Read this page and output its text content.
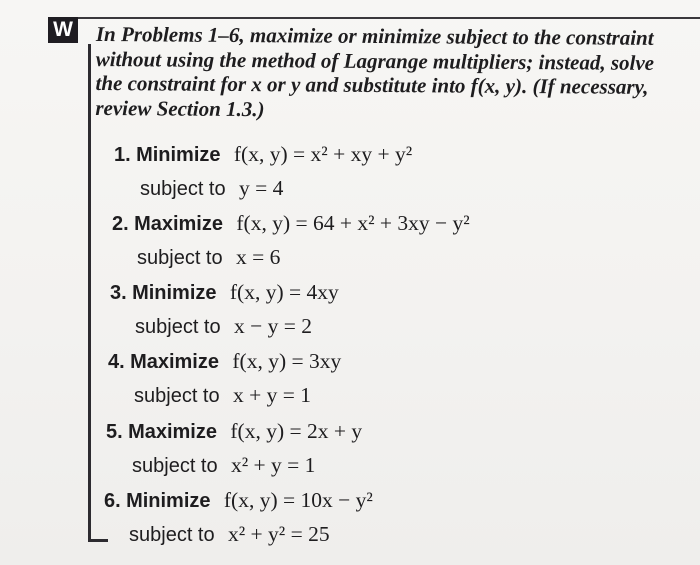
W In Problems 1–6, maximize or minimize subject to the constraint
without using the method of Lagrange multipliers; instead, solve
the constraint for x or y and substitute into f(x, y). (If necessary,
review Section 1.3.)
1. Minimize f(x, y) = x² + xy + y²
subject to y = 4
2. Maximize f(x, y) = 64 + x² + 3xy − y²
subject to x = 6
3. Minimize f(x, y) = 4xy
subject to x − y = 2
4. Maximize f(x, y) = 3xy
subject to x + y = 1
5. Maximize f(x, y) = 2x + y
subject to x² + y = 1
6. Minimize f(x, y) = 10x − y²
subject to x² + y² = 25
